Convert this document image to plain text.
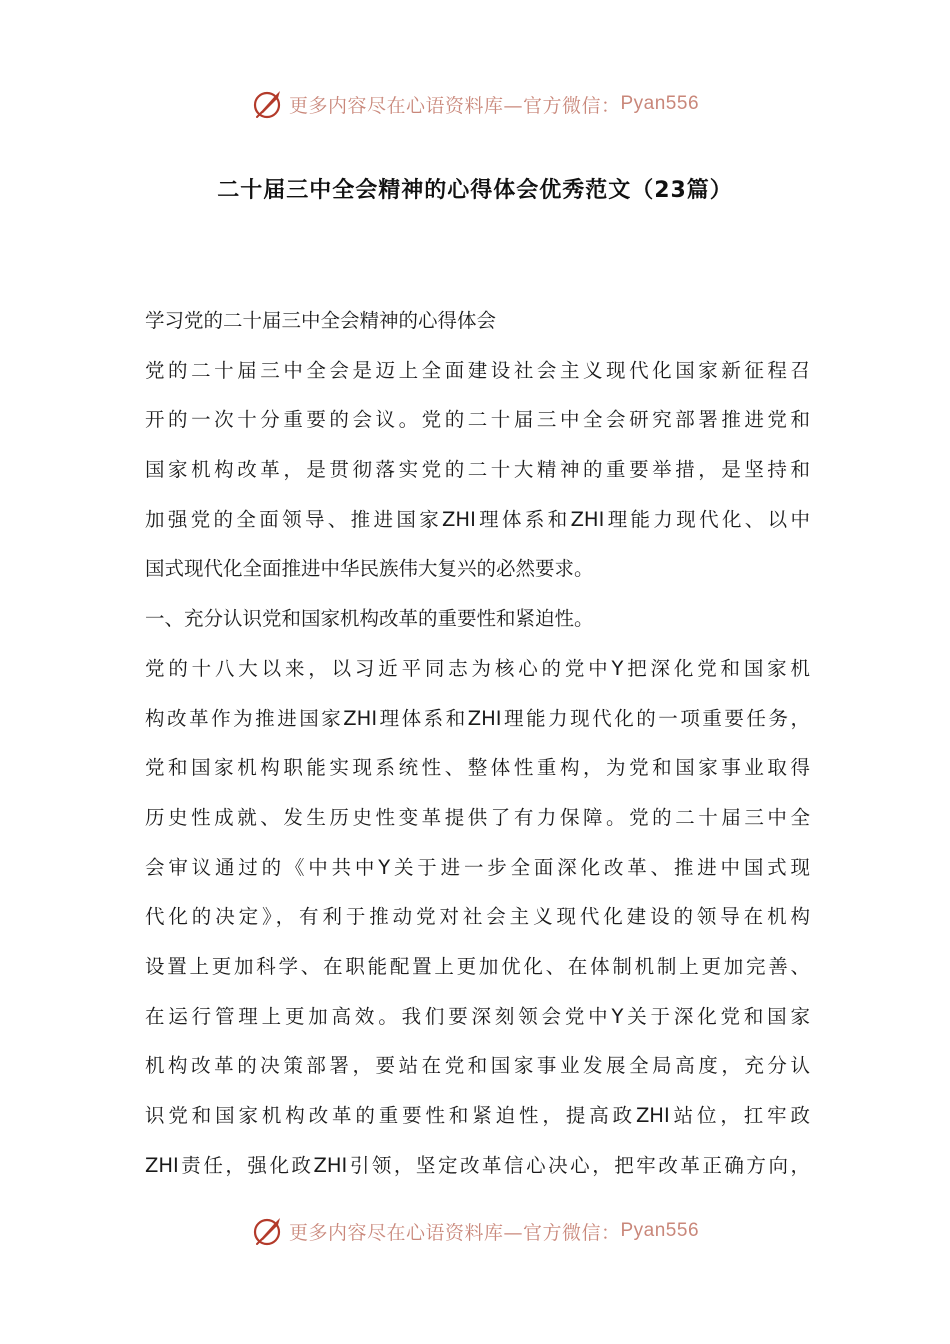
更多内容尽在心语资料库—官方微信： Pyan556
二十届三中全会精神的心得体会优秀范文（23篇）
学习党的二十届三中全会精神的心得体会
党的二十届三中全会是迈上全面建设社会主义现代化国家新征程召
开的一次十分重要的会议。党的二十届三中全会研究部署推进党和
国家机构改革，是贯彻落实党的二十大精神的重要举措，是坚持和
加强党的全面领导、推进国家ZHI理体系和ZHI理能力现代化、以中
国式现代化全面推进中华民族伟大复兴的必然要求。
一、充分认识党和国家机构改革的重要性和紧迫性。
党的十八大以来，以习近平同志为核心的党中Y把深化党和国家机
构改革作为推进国家ZHI理体系和ZHI理能力现代化的一项重要任务，
党和国家机构职能实现系统性、整体性重构，为党和国家事业取得
历史性成就、发生历史性变革提供了有力保障。党的二十届三中全
会审议通过的《中共中Y关于进一步全面深化改革、推进中国式现
代化的决定》，有利于推动党对社会主义现代化建设的领导在机构
设置上更加科学、在职能配置上更加优化、在体制机制上更加完善、
在运行管理上更加高效。我们要深刻领会党中Y关于深化党和国家
机构改革的决策部署，要站在党和国家事业发展全局高度，充分认
识党和国家机构改革的重要性和紧迫性，提高政ZHI站位，扛牢政
ZHI责任，强化政ZHI引领，坚定改革信心决心，把牢改革正确方向，
更多内容尽在心语资料库—官方微信： Pyan556
